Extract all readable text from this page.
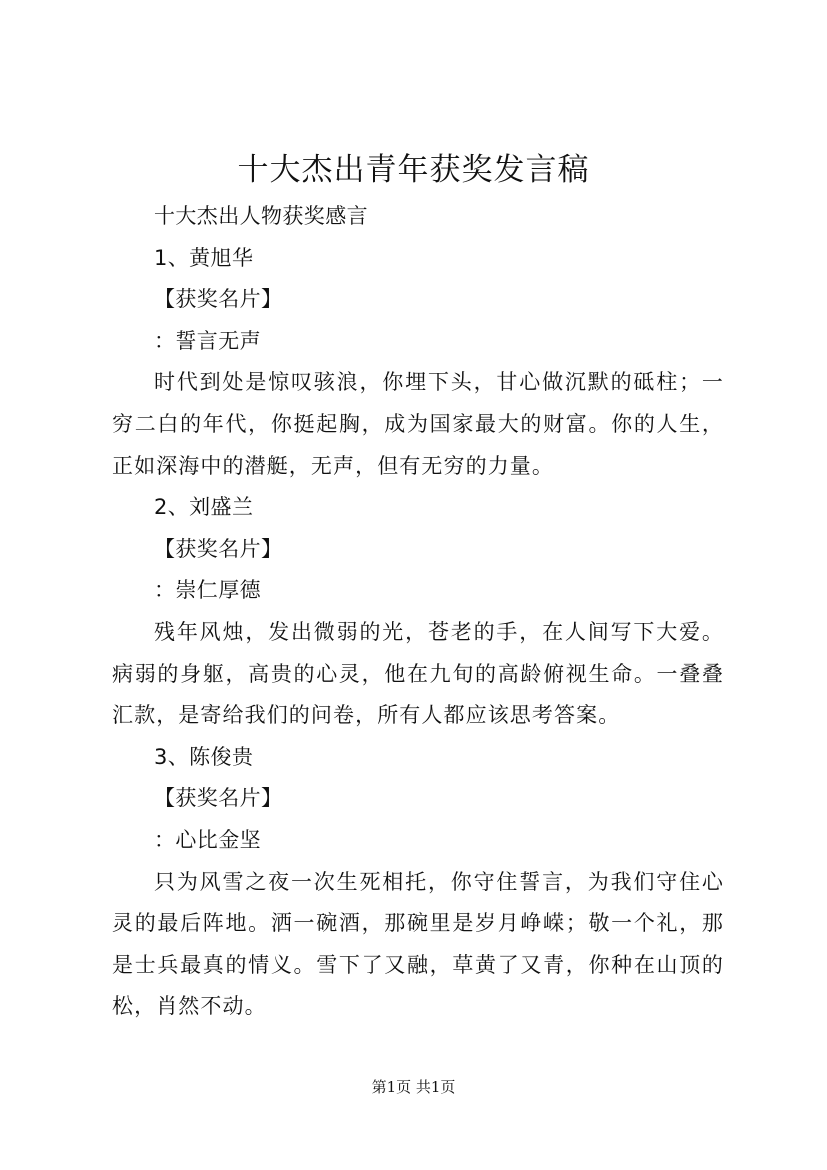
十大杰出青年获奖发言稿
十大杰出人物获奖感言
1、黄旭华
【获奖名片】
：誓言无声
时代到处是惊叹骇浪，你埋下头，甘心做沉默的砥柱；一穷二白的年代，你挺起胸，成为国家最大的财富。你的人生，正如深海中的潜艇，无声，但有无穷的力量。
2、刘盛兰
【获奖名片】
：崇仁厚德
残年风烛，发出微弱的光，苍老的手，在人间写下大爱。病弱的身躯，高贵的心灵，他在九旬的高龄俯视生命。一叠叠汇款，是寄给我们的问卷，所有人都应该思考答案。
3、陈俊贵
【获奖名片】
：心比金坚
只为风雪之夜一次生死相托，你守住誓言，为我们守住心灵的最后阵地。洒一碗酒，那碗里是岁月峥嵘；敬一个礼，那是士兵最真的情义。雪下了又融，草黄了又青，你种在山顶的松，肖然不动。
第1页 共1页
